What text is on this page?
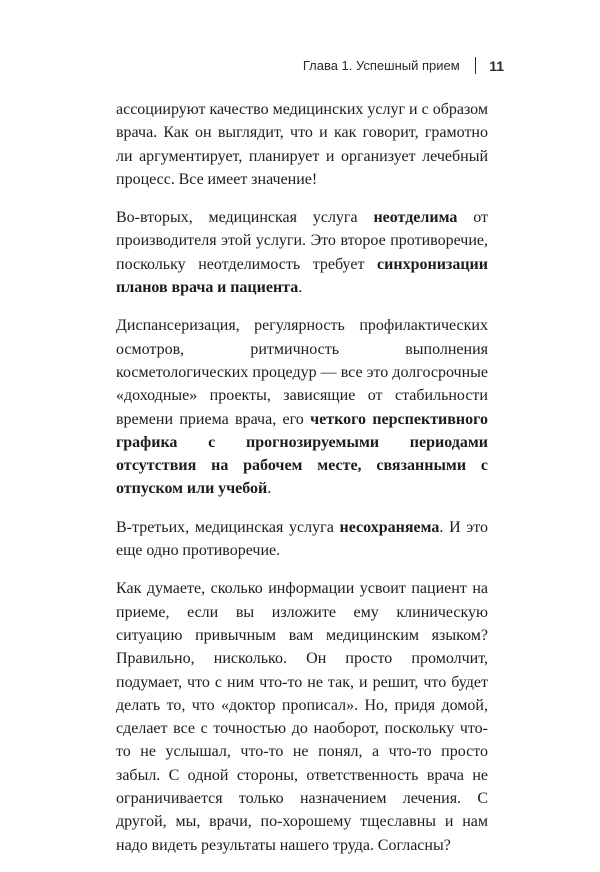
Глава 1. Успешный прием 11

ассоциируют качество медицинских услуг и с образом врача. Как он выглядит, что и как говорит, грамотно ли аргументирует, планирует и организует лечебный процесс. Все имеет значение!

Во-вторых, медицинская услуга неотделима от производителя этой услуги. Это второе противоречие, поскольку неотделимость требует синхронизации планов врача и пациента.

Диспансеризация, регулярность профилактических осмотров, ритмичность выполнения косметологических процедур — все это долгосрочные «доходные» проекты, зависящие от стабильности времени приема врача, его четкого перспективного графика с прогнозируемыми периодами отсутствия на рабочем месте, связанными с отпуском или учебой.

В-третьих, медицинская услуга несохраняема. И это еще одно противоречие.

Как думаете, сколько информации усвоит пациент на приеме, если вы изложите ему клиническую ситуацию привычным вам медицинским языком? Правильно, нисколько. Он просто промолчит, подумает, что с ним что-то не так, и решит, что будет делать то, что «доктор прописал». Но, придя домой, сделает все с точностью до наоборот, поскольку что-то не услышал, что-то не понял, а что-то просто забыл. С одной стороны, ответственность врача не ограничивается только назначением лечения. С другой, мы, врачи, по-хорошему тщеславны и нам надо видеть результаты нашего труда. Согласны?
